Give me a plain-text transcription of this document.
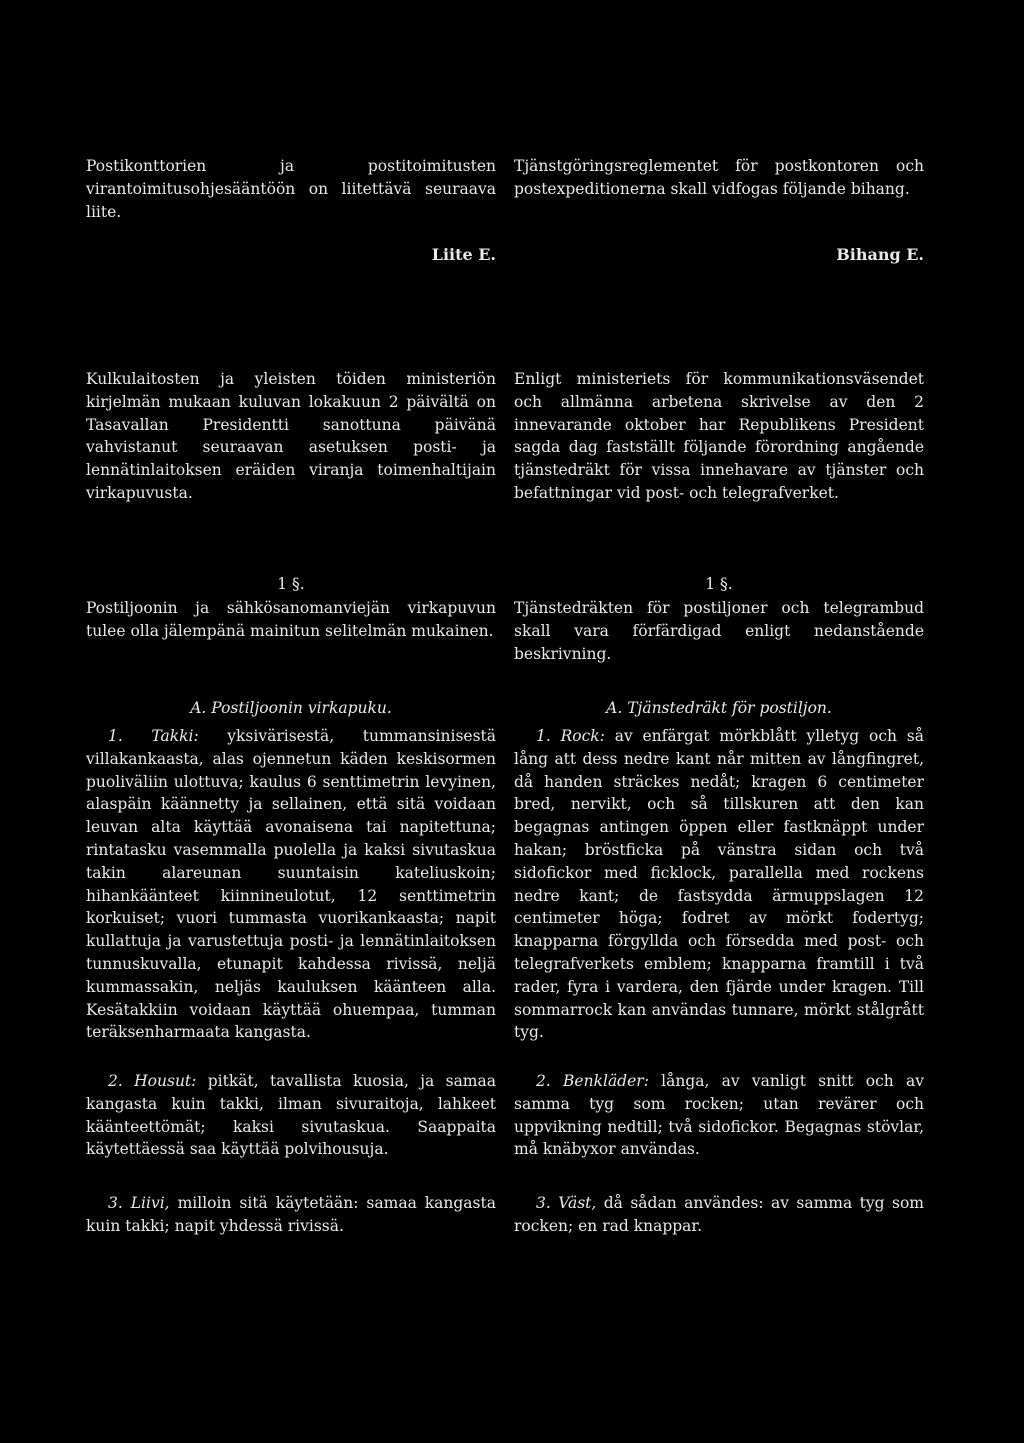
Postikonttorien ja postitoimitusten virantoimitusohjesääntöön on liitettävä seuraava liite.

Liite E.

Kulkulaitosten ja yleisten töiden ministeriön kirjelmän mukaan kuluvan lokakuun 2 päivältä on Tasavallan Presidentti sanottuna päivänä vahvistanut seuraavan asetuksen posti- ja lennätinlaitoksen eräiden viranja toimenhaltijain virkapuvusta.

1 §.

Postiljoonin ja sähkösanomanviejän virkapuvun tulee olla jälempänä mainitun selitelmän mukainen.

A. Postiljoonin virkapuku.

1. Takki: yksivärisestä, tummansinisestä villakankaasta, alas ojennetun käden keskisormen puoliväliin ulottuva; kaulus 6 senttimetrin levyinen, alaspäin käännetty ja sellainen, että sitä voidaan leuvan alta käyttää avonaisena tai napitettuna; rintatasku vasemmalla puolella ja kaksi sivutaskua takin alareunan suuntaisin kateliuskoin; hihankäänteet kiinnineulotut, 12 senttimetrin korkuiset; vuori tummasta vuorikankaasta; napit kullattuja ja varustettuja posti- ja lennätinlaitoksen tunnuskuvalla, etunapit kahdessa rivissä, neljä kummassakin, neljäs kauluksen käänteen alla. Kesätakkiin voidaan käyttää ohuempaa, tumman teräksenharmaata kangasta.

2. Housut: pitkät, tavallista kuosia, ja samaa kangasta kuin takki, ilman sivuraitoja, lahkeet käänteettömät; kaksi sivutaskua. Saappaita käytettäessä saa käyttää polvihousuja.

3. Liivi, milloin sitä käytetään: samaa kangasta kuin takki; napit yhdessä rivissä.

Tjänstgöringsreglementet för postkontoren och postexpeditionerna skall vidfogas följande bihang.

Bihang E.

Enligt ministeriets för kommunikationsväsendet och allmänna arbetena skrivelse av den 2 innevarande oktober har Republikens President sagda dag fastställt följande förordning angående tjänstedräkt för vissa innehavare av tjänster och befattningar vid post- och telegrafverket.

1 §.

Tjänstedräkten för postiljoner och telegrambud skall vara förfärdigad enligt nedanstående beskrivning.

A. Tjänstedräkt för postiljon.

1. Rock: av enfärgat mörkblått ylletyg och så lång att dess nedre kant når mitten av långfingret, då handen sträckes nedåt; kragen 6 centimeter bred, nervikt, och så tillskuren att den kan begagnas antingen öppen eller fastknäppt under hakan; bröstficka på vänstra sidan och två sidofickor med ficklock, parallella med rockens nedre kant; de fastsydda ärmuppslagen 12 centimeter höga; fodret av mörkt fodertyg; knapparna förgyllda och försedda med post- och telegrafverkets emblem; knapparna framtill i två rader, fyra i vardera, den fjärde under kragen. Till sommarrock kan användas tunnare, mörkt stålgrått tyg.

2. Benkläder: långa, av vanligt snitt och av samma tyg som rocken; utan revärer och uppvikning nedtill; två sidofickor. Begagnas stövlar, må knäbyxor användas.

3. Väst, då sådan användes: av samma tyg som rocken; en rad knappar.
